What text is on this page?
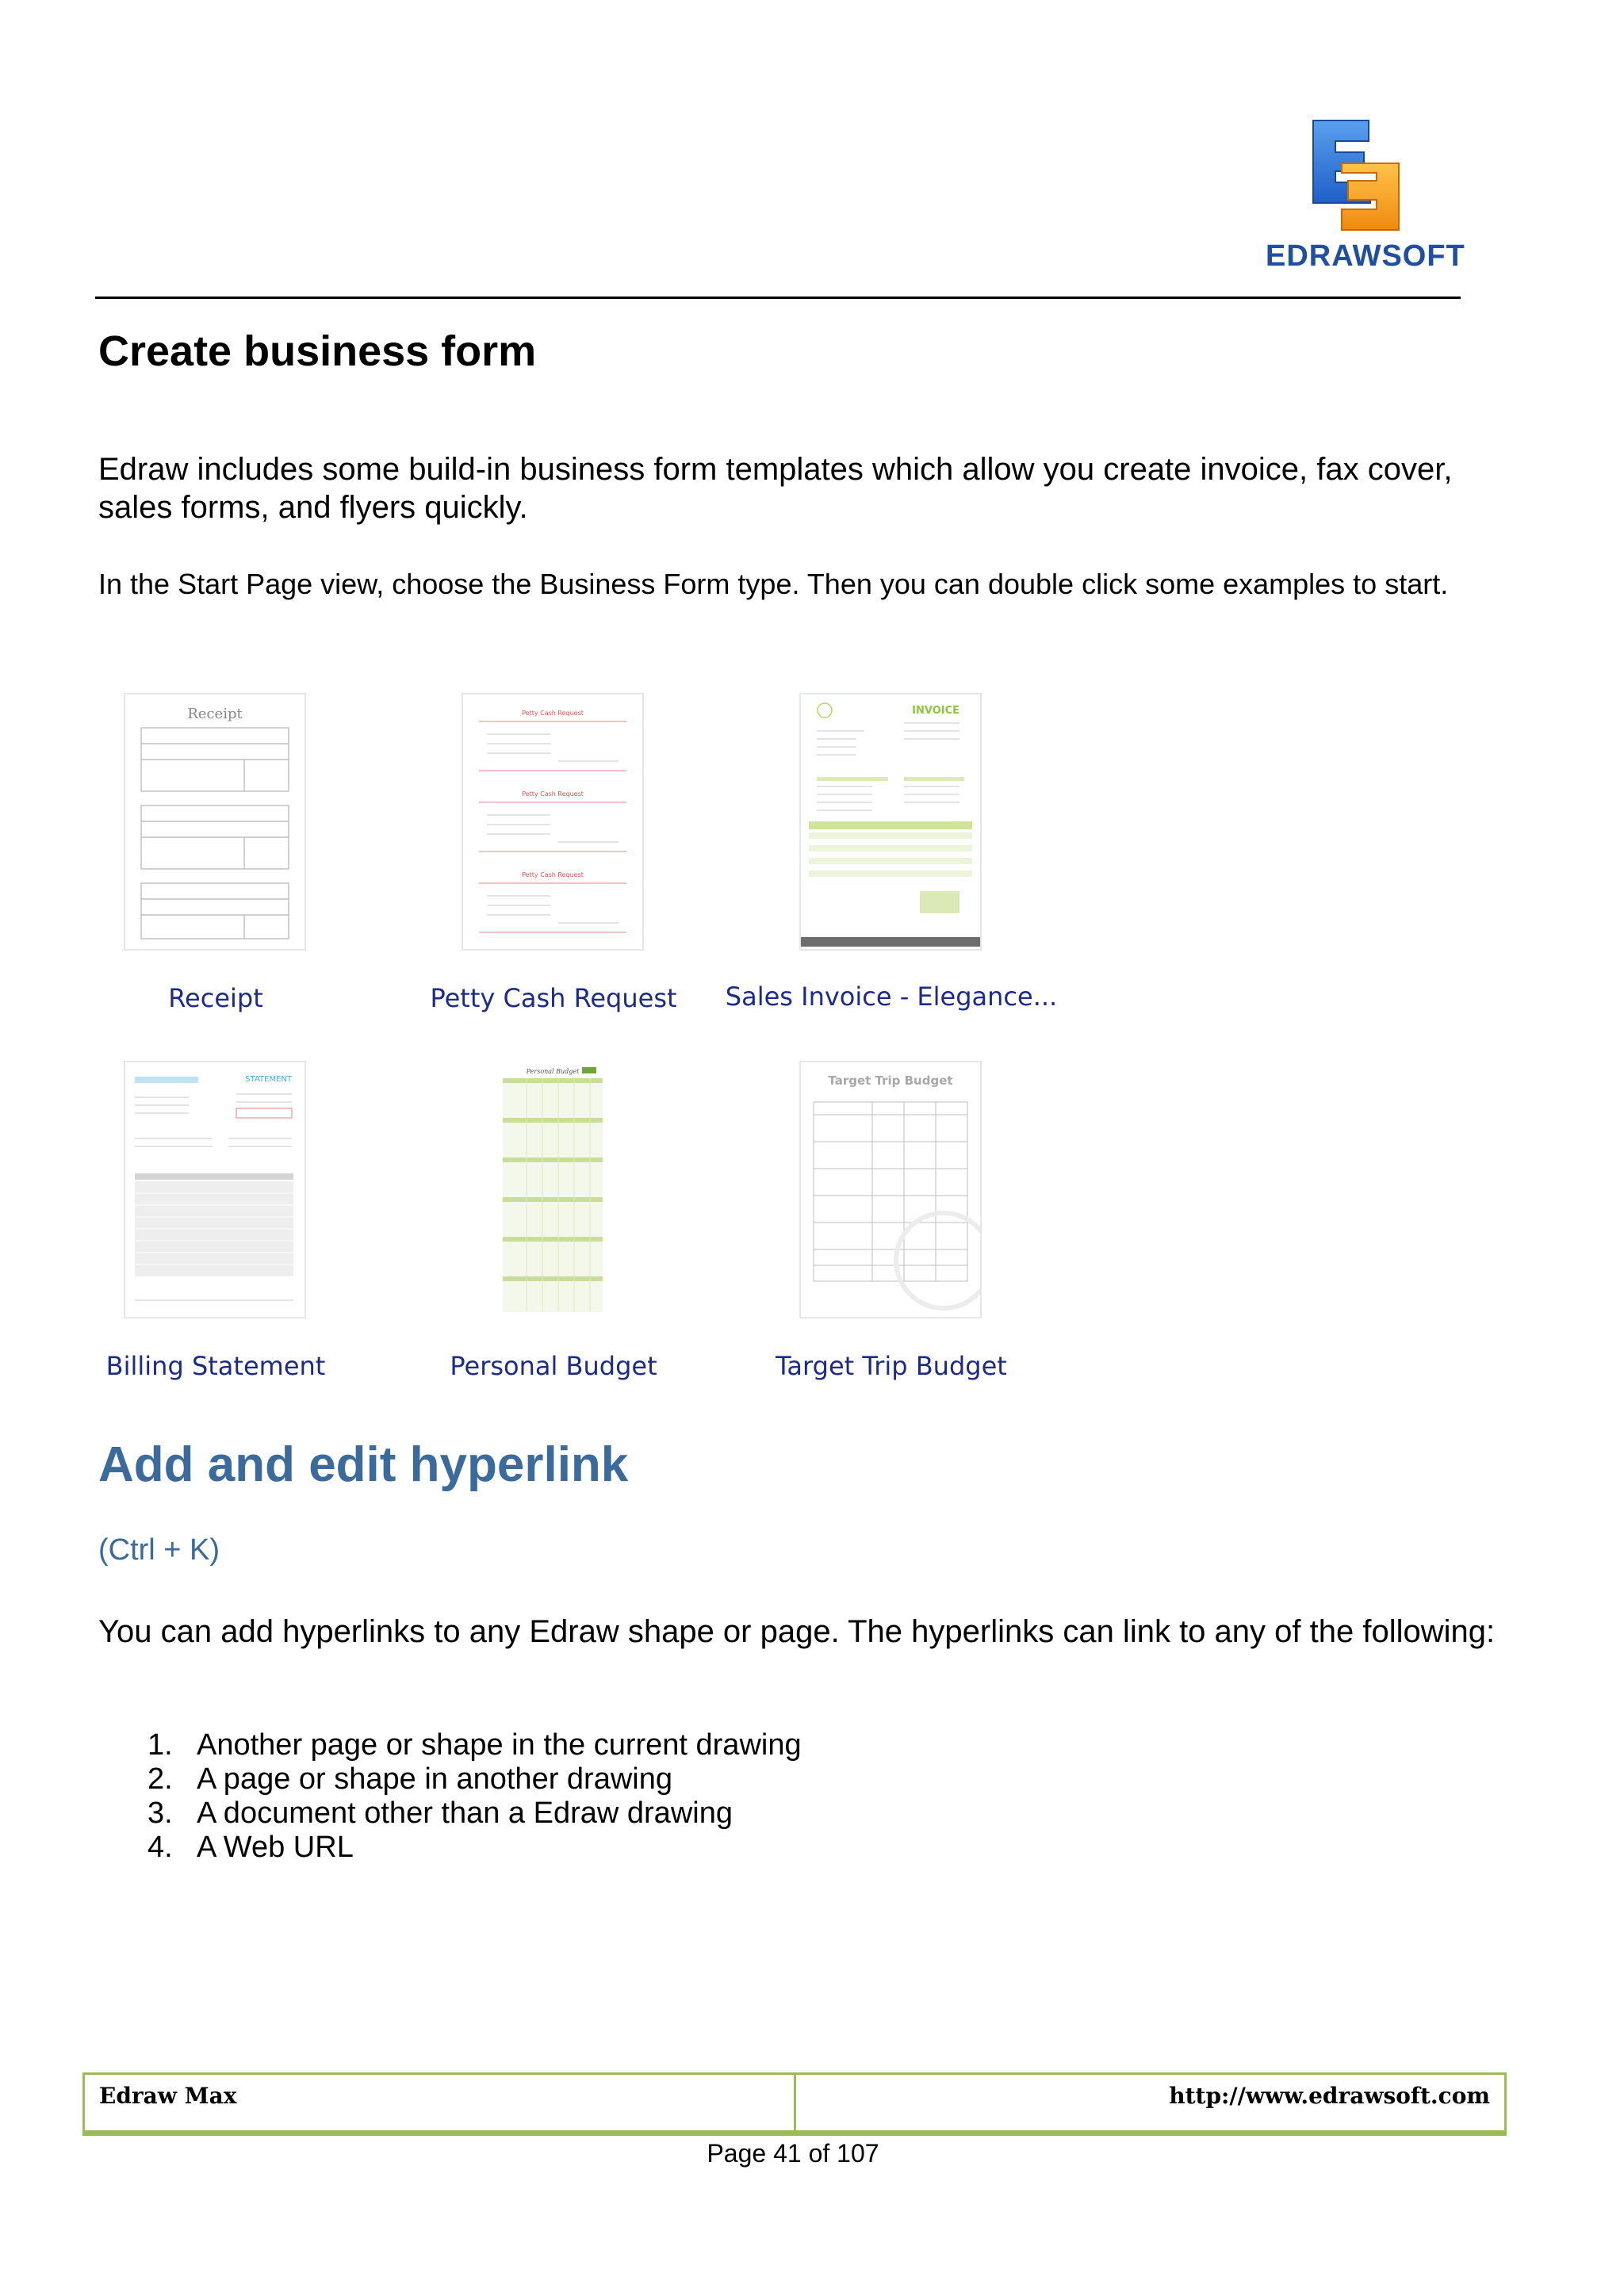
EDRAWSOFT
Create business form
Edraw includes some build-in business form templates which allow you create invoice, fax cover, sales forms, and flyers quickly.
In the Start Page view, choose the Business Form type. Then you can double click some examples to start.
Receipt
Receipt
Petty Cash Request
Petty Cash Request
Petty Cash Request
Petty Cash Request
INVOICE
Sales Invoice - Elegance...
STATEMENT
Billing Statement
Personal Budget
Personal Budget
Target Trip Budget
Target Trip Budget
Add and edit hyperlink
(Ctrl + K)
You can add hyperlinks to any Edraw shape or page. The hyperlinks can link to any of the following:
1. Another page or shape in the current drawing
2. A page or shape in another drawing
3. A document other than a Edraw drawing
4. A Web URL
Edraw Max	http://www.edrawsoft.com
Page 41 of 107
